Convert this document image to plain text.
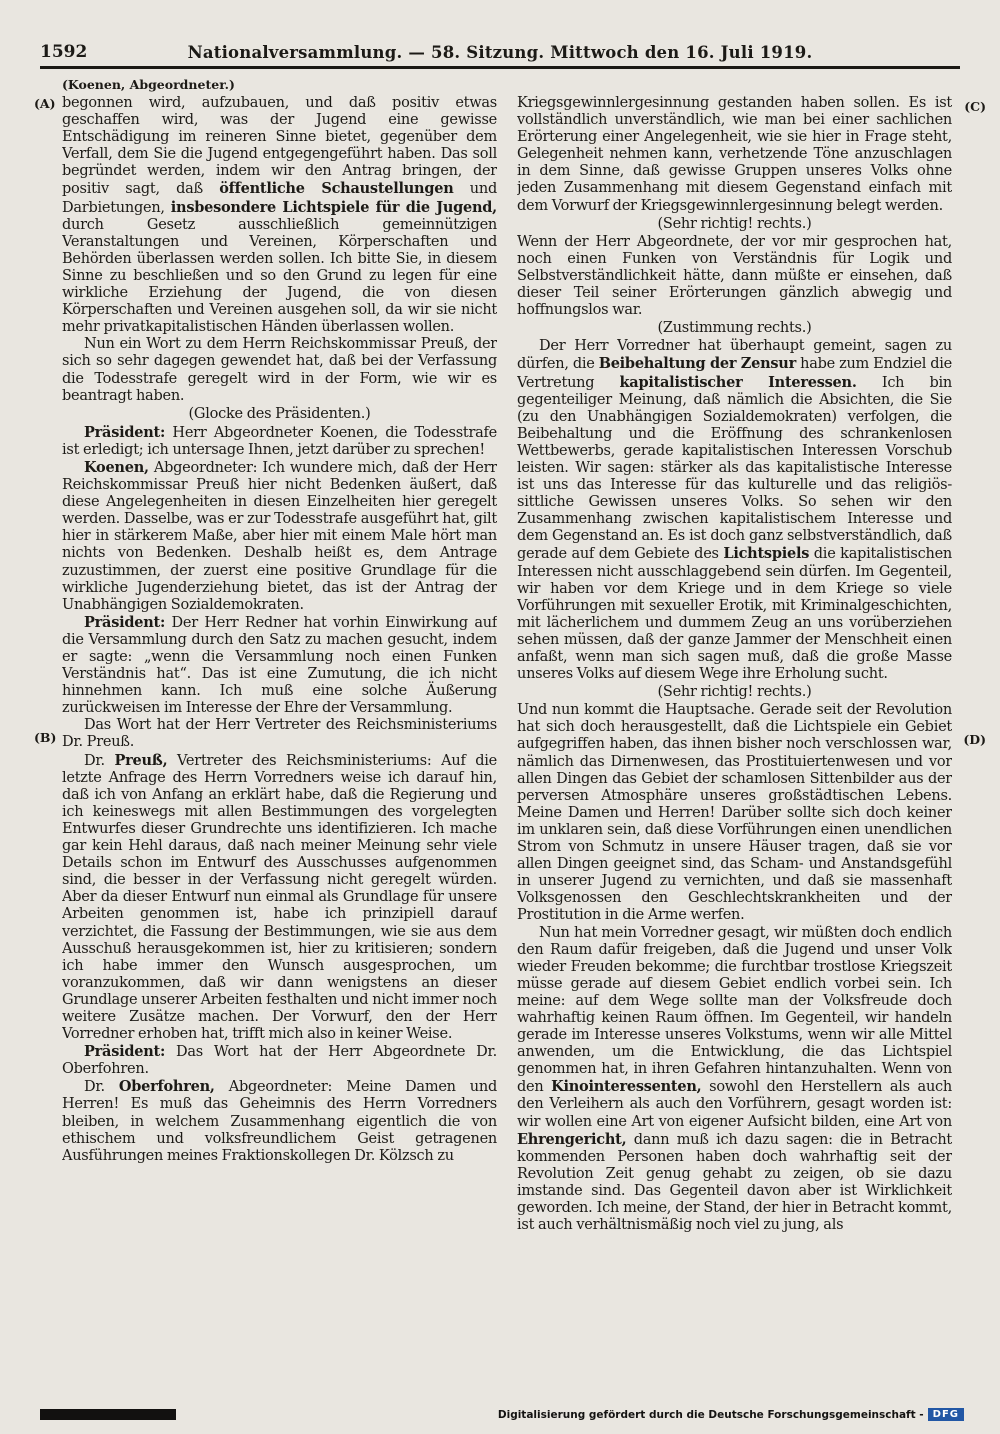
1592	Nationalversammlung. — 58. Sitzung. Mittwoch den 16. Juli 1919.
(Koenen, Abgeordneter.)
(A)
(B)
(C)
(D)

begonnen wird, aufzubauen, und daß positiv etwas geschaffen wird, was der Jugend eine gewisse Entschädigung im reineren Sinne bietet, gegenüber dem Verfall, dem Sie die Jugend entgegengeführt haben. Das soll begründet werden, indem wir den Antrag bringen, der positiv sagt, daß öffentliche Schaustellungen und Darbietungen, insbesondere Lichtspiele für die Jugend, durch Gesetz ausschließlich gemeinnützigen Veranstaltungen und Vereinen, Körperschaften und Behörden überlassen werden sollen. Ich bitte Sie, in diesem Sinne zu beschließen und so den Grund zu legen für eine wirkliche Erziehung der Jugend, die von diesen Körperschaften und Vereinen ausgehen soll, da wir sie nicht mehr privatkapitalistischen Händen überlassen wollen.

Nun ein Wort zu dem Herrn Reichskommissar Preuß, der sich so sehr dagegen gewendet hat, daß bei der Verfassung die Todesstrafe geregelt wird in der Form, wie wir es beantragt haben.

(Glocke des Präsidenten.)

Präsident: Herr Abgeordneter Koenen, die Todesstrafe ist erledigt; ich untersage Ihnen, jetzt darüber zu sprechen!

Koenen, Abgeordneter: Ich wundere mich, daß der Herr Reichskommissar Preuß hier nicht Bedenken äußert, daß diese Angelegenheiten in diesen Einzelheiten hier geregelt werden. Dasselbe, was er zur Todesstrafe ausgeführt hat, gilt hier in stärkerem Maße, aber hier mit einem Male hört man nichts von Bedenken. Deshalb heißt es, dem Antrage zuzustimmen, der zuerst eine positive Grundlage für die wirkliche Jugenderziehung bietet, das ist der Antrag der Unabhängigen Sozialdemokraten.

Präsident: Der Herr Redner hat vorhin Einwirkung auf die Versammlung durch den Satz zu machen gesucht, indem er sagte: „wenn die Versammlung noch einen Funken Verständnis hat“. Das ist eine Zumutung, die ich nicht hinnehmen kann. Ich muß eine solche Äußerung zurückweisen im Interesse der Ehre der Versammlung.

Das Wort hat der Herr Vertreter des Reichsministeriums Dr. Preuß.

Dr. Preuß, Vertreter des Reichsministeriums: Auf die letzte Anfrage des Herrn Vorredners weise ich darauf hin, daß ich von Anfang an erklärt habe, daß die Regierung und ich keineswegs mit allen Bestimmungen des vorgelegten Entwurfes dieser Grundrechte uns identifizieren. Ich mache gar kein Hehl daraus, daß nach meiner Meinung sehr viele Details schon im Entwurf des Ausschusses aufgenommen sind, die besser in der Verfassung nicht geregelt würden. Aber da dieser Entwurf nun einmal als Grundlage für unsere Arbeiten genommen ist, habe ich prinzipiell darauf verzichtet, die Fassung der Bestimmungen, wie sie aus dem Ausschuß herausgekommen ist, hier zu kritisieren; sondern ich habe immer den Wunsch ausgesprochen, um voranzukommen, daß wir dann wenigstens an dieser Grundlage unserer Arbeiten festhalten und nicht immer noch weitere Zusätze machen. Der Vorwurf, den der Herr Vorredner erhoben hat, trifft mich also in keiner Weise.

Präsident: Das Wort hat der Herr Abgeordnete Dr. Oberfohren.

Dr. Oberfohren, Abgeordneter: Meine Damen und Herren! Es muß das Geheimnis des Herrn Vorredners bleiben, in welchem Zusammenhang eigentlich die von ethischem und volksfreundlichem Geist getragenen Ausführungen meines Fraktionskollegen Dr. Kölzsch zu

Kriegsgewinnlergesinnung gestanden haben sollen. Es ist vollständlich unverständlich, wie man bei einer sachlichen Erörterung einer Angelegenheit, wie sie hier in Frage steht, Gelegenheit nehmen kann, verhetzende Töne anzuschlagen in dem Sinne, daß gewisse Gruppen unseres Volks ohne jeden Zusammenhang mit diesem Gegenstand einfach mit dem Vorwurf der Kriegsgewinnlergesinnung belegt werden.

(Sehr richtig! rechts.)

Wenn der Herr Abgeordnete, der vor mir gesprochen hat, noch einen Funken von Verständnis für Logik und Selbstverständlichkeit hätte, dann müßte er einsehen, daß dieser Teil seiner Erörterungen gänzlich abwegig und hoffnungslos war.

(Zustimmung rechts.)

Der Herr Vorredner hat überhaupt gemeint, sagen zu dürfen, die Beibehaltung der Zensur habe zum Endziel die Vertretung kapitalistischer Interessen. Ich bin gegenteiliger Meinung, daß nämlich die Absichten, die Sie (zu den Unabhängigen Sozialdemokraten) verfolgen, die Beibehaltung und die Eröffnung des schrankenlosen Wettbewerbs, gerade kapitalistischen Interessen Vorschub leisten. Wir sagen: stärker als das kapitalistische Interesse ist uns das Interesse für das kulturelle und das religiös-sittliche Gewissen unseres Volks. So sehen wir den Zusammenhang zwischen kapitalistischem Interesse und dem Gegenstand an. Es ist doch ganz selbstverständlich, daß gerade auf dem Gebiete des Lichtspiels die kapitalistischen Interessen nicht ausschlaggebend sein dürfen. Im Gegenteil, wir haben vor dem Kriege und in dem Kriege so viele Vorführungen mit sexueller Erotik, mit Kriminalgeschichten, mit lächerlichem und dummem Zeug an uns vorüberziehen sehen müssen, daß der ganze Jammer der Menschheit einen anfaßt, wenn man sich sagen muß, daß die große Masse unseres Volks auf diesem Wege ihre Erholung sucht.

(Sehr richtig! rechts.)

Und nun kommt die Hauptsache. Gerade seit der Revolution hat sich doch herausgestellt, daß die Lichtspiele ein Gebiet aufgegriffen haben, das ihnen bisher noch verschlossen war, nämlich das Dirnenwesen, das Prostituiertenwesen und vor allen Dingen das Gebiet der schamlosen Sittenbilder aus der perversen Atmosphäre unseres großstädtischen Lebens. Meine Damen und Herren! Darüber sollte sich doch keiner im unklaren sein, daß diese Vorführungen einen unendlichen Strom von Schmutz in unsere Häuser tragen, daß sie vor allen Dingen geeignet sind, das Scham- und Anstandsgefühl in unserer Jugend zu vernichten, und daß sie massenhaft Volksgenossen den Geschlechtskrankheiten und der Prostitution in die Arme werfen.

Nun hat mein Vorredner gesagt, wir müßten doch endlich den Raum dafür freigeben, daß die Jugend und unser Volk wieder Freuden bekomme; die furchtbar trostlose Kriegszeit müsse gerade auf diesem Gebiet endlich vorbei sein. Ich meine: auf dem Wege sollte man der Volksfreude doch wahrhaftig keinen Raum öffnen. Im Gegenteil, wir handeln gerade im Interesse unseres Volkstums, wenn wir alle Mittel anwenden, um die Entwicklung, die das Lichtspiel genommen hat, in ihren Gefahren hintanzuhalten. Wenn von den Kinointeressenten, sowohl den Herstellern als auch den Verleihern als auch den Vorführern, gesagt worden ist: wir wollen eine Art von eigener Aufsicht bilden, eine Art von Ehrengericht, dann muß ich dazu sagen: die in Betracht kommenden Personen haben doch wahrhaftig seit der Revolution Zeit genug gehabt zu zeigen, ob sie dazu imstande sind. Das Gegenteil davon aber ist Wirklichkeit geworden. Ich meine, der Stand, der hier in Betracht kommt, ist auch verhältnismäßig noch viel zu jung, als

Digitalisierung gefördert durch die Deutsche Forschungsgemeinschaft - DFG
